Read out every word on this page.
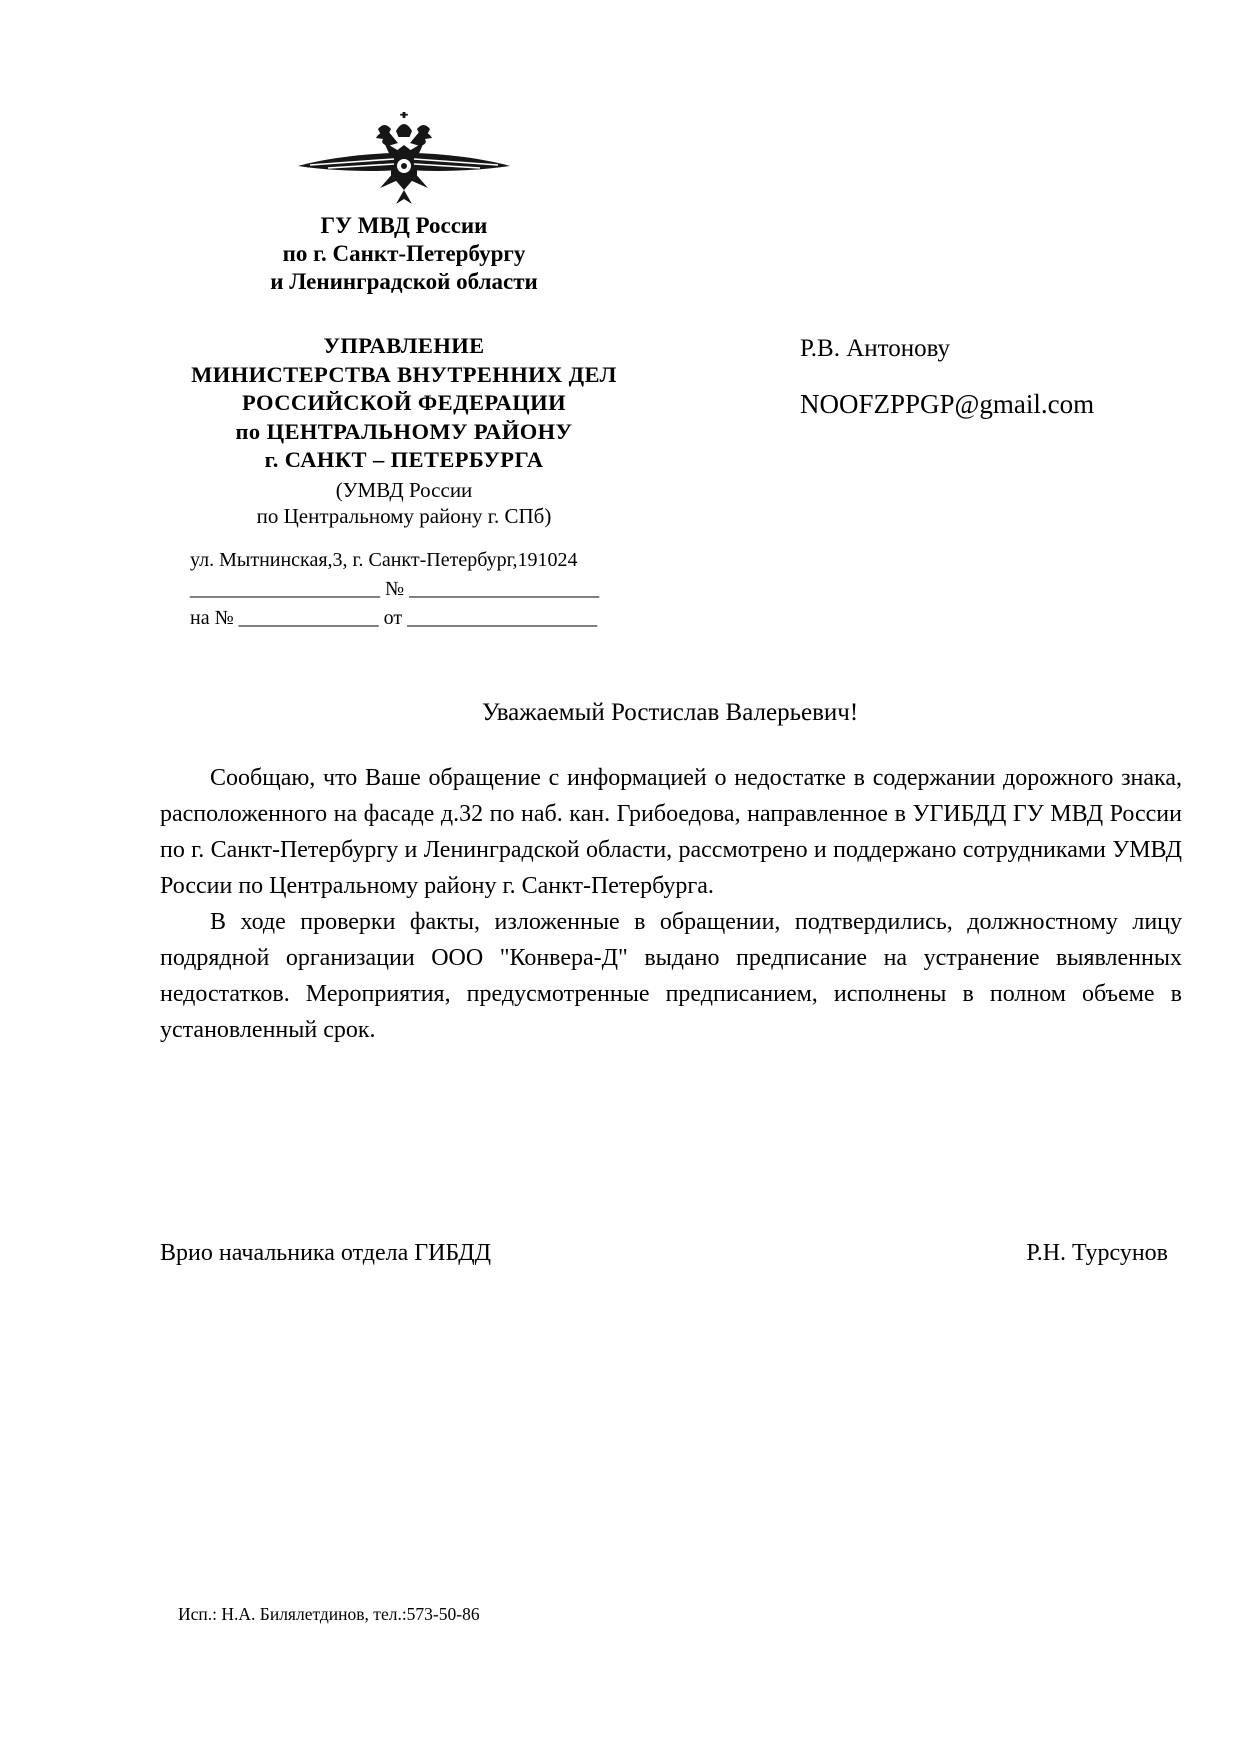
ГУ МВД России
по г. Санкт-Петербургу
и Ленинградской области
УПРАВЛЕНИЕ
МИНИСТЕРСТВА ВНУТРЕННИХ ДЕЛ
РОССИЙСКОЙ ФЕДЕРАЦИИ
по ЦЕНТРАЛЬНОМУ РАЙОНУ
г. САНКТ – ПЕТЕРБУРГА
(УМВД России
по Центральному району г. СПб)
ул. Мытнинская,3, г. Санкт-Петербург,191024
___________________ № ___________________
на № ______________ от ___________________
Р.В. Антонову
NOOFZPPGP@gmail.com
Уважаемый Ростислав Валерьевич!

Сообщаю, что Ваше обращение с информацией о недостатке в содержании дорожного знака, расположенного на фасаде д.32 по наб. кан. Грибоедова, направленное в УГИБДД ГУ МВД России по г. Санкт-Петербургу и Ленинградской области, рассмотрено и поддержано сотрудниками УМВД России по Центральному району г. Санкт-Петербурга.

В ходе проверки факты, изложенные в обращении, подтвердились, должностному лицу подрядной организации ООО "Конвера-Д" выдано предписание на устранение выявленных недостатков. Мероприятия, предусмотренные предписанием, исполнены в полном объеме в установленный срок.

Врио начальника отдела ГИБДД	Р.Н. Турсунов
Исп.: Н.А. Билялетдинов, тел.:573-50-86
